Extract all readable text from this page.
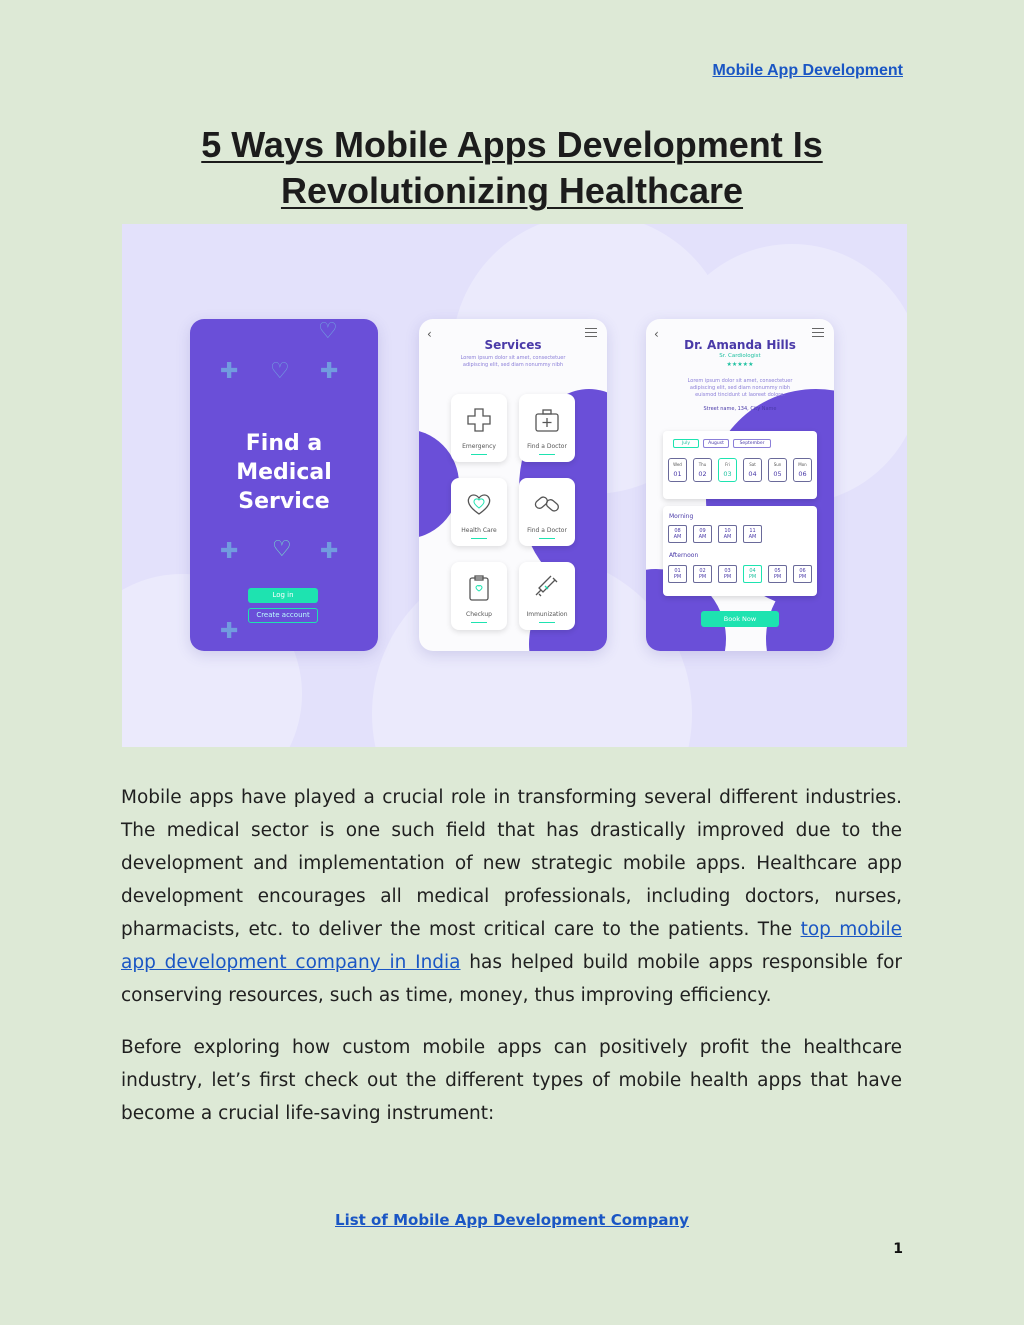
Mobile App Development
5 Ways Mobile Apps Development Is
Revolutionizing Healthcare
✚	✚
♡
♡
✚	✚
♡
✚
Find a
Medical
Service
Log in
Create account
‹
Services
Lorem ipsum dolor sit amet, consectetuer
adipiscing elit, sed diam nonummy nibh
Emergency	Find a Doctor
Health Care	Find a Doctor
Checkup	Immunization
‹
Dr. Amanda Hills
Sr. Cardiologist
★★★★★
Lorem ipsum dolor sit amet, consectetuer
adipiscing elit, sed diam nonummy nibh
euismod tincidunt ut laoreet dolore.
Street name, 134, City Name
July	August	September
Wed
01
Thu
02
Fri
03
Sat
04
Sun
05
Mon
06
Morning
08
AM
09
AM
10
AM
11
AM
Afternoon
01
PM
02
PM
03
PM
04
PM
05
PM
06
PM
Book Now
Mobile apps have played a crucial role in transforming several different industries. The medical sector is one such field that has drastically improved due to the development and implementation of new strategic mobile apps. Healthcare app development encourages all medical professionals, including doctors, nurses, pharmacists, etc. to deliver the most critical care to the patients. The top mobile app development company in India has helped build mobile apps responsible for conserving resources, such as time, money, thus improving efficiency.
Before exploring how custom mobile apps can positively profit the healthcare industry, let’s first check out the different types of mobile health apps that have become a crucial life-saving instrument:
List of Mobile App Development Company
1
